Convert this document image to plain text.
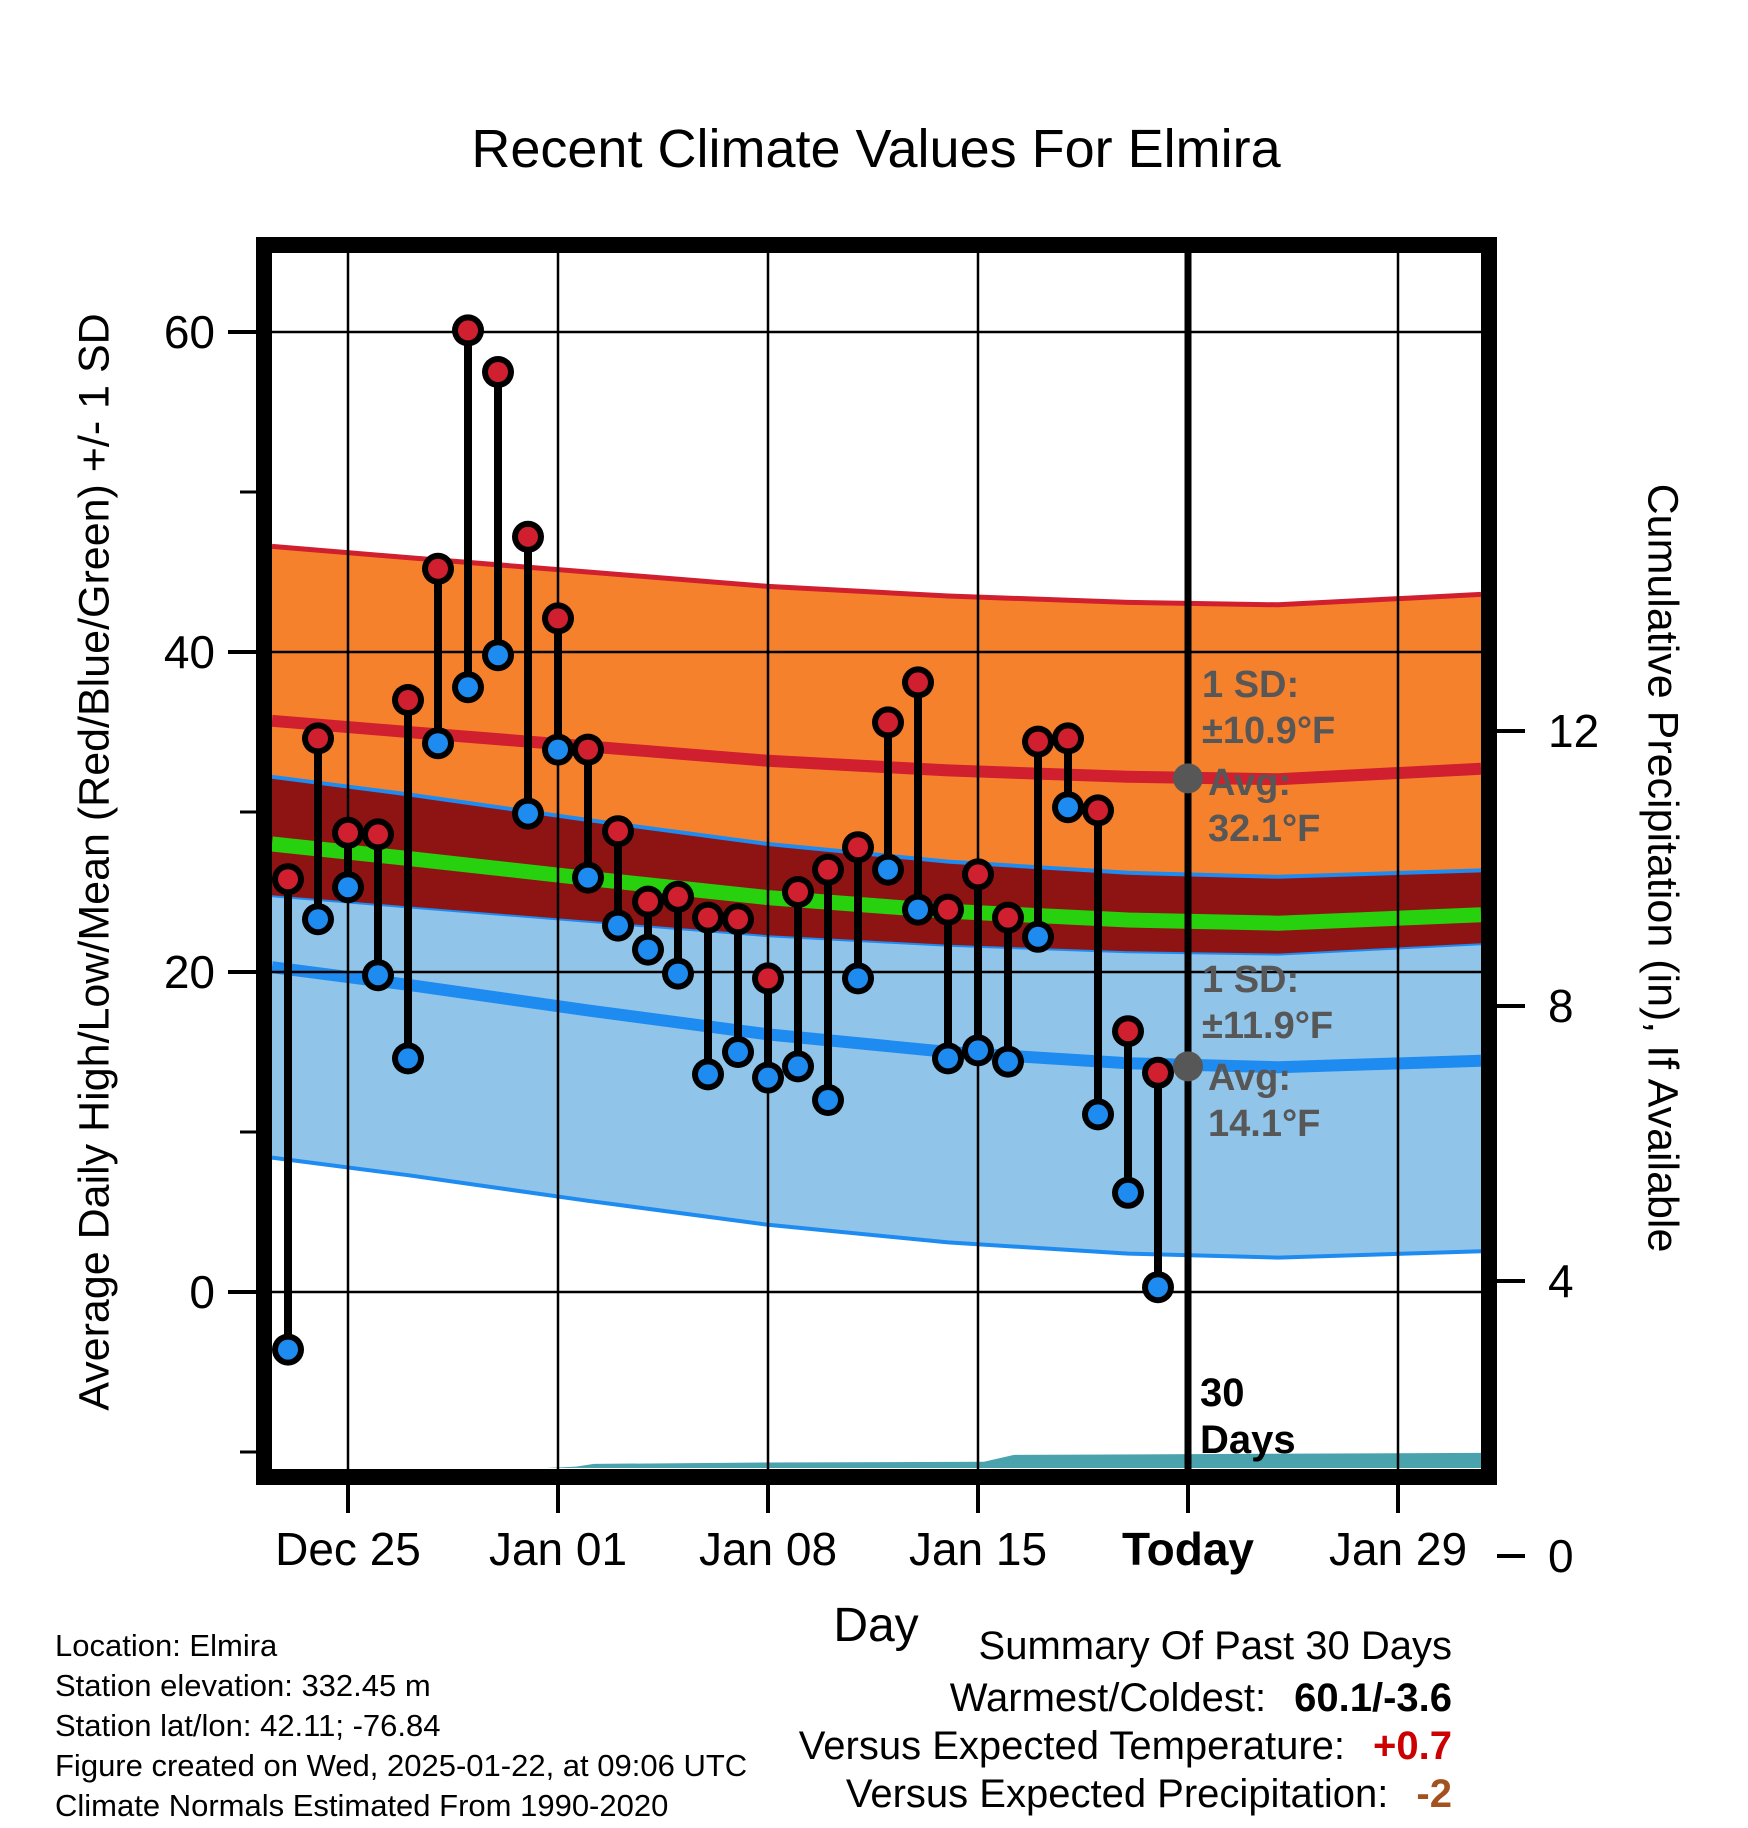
Recent Climate Values For Elmira
Average Daily High/Low/Mean (Red/Blue/Green) +/- 1 SD	Cumulative Precipitation (in), If Available
60
40
20
0
12
8
4
0
Dec 25 Jan 01 Jan 08 Jan 15 Today Jan 29
Day
1 SD:
±10.9°F
Avg:
32.1°F
1 SD:
±11.9°F
Avg:
14.1°F
30
Days
Location: Elmira
Station elevation: 332.45 m
Station lat/lon: 42.11; -76.84
Figure created on Wed, 2025-01-22, at 09:06 UTC
Climate Normals Estimated From 1990-2020
Summary Of Past 30 Days
Warmest/Coldest: 60.1/-3.6
Versus Expected Temperature: +0.7
Versus Expected Precipitation: -2
